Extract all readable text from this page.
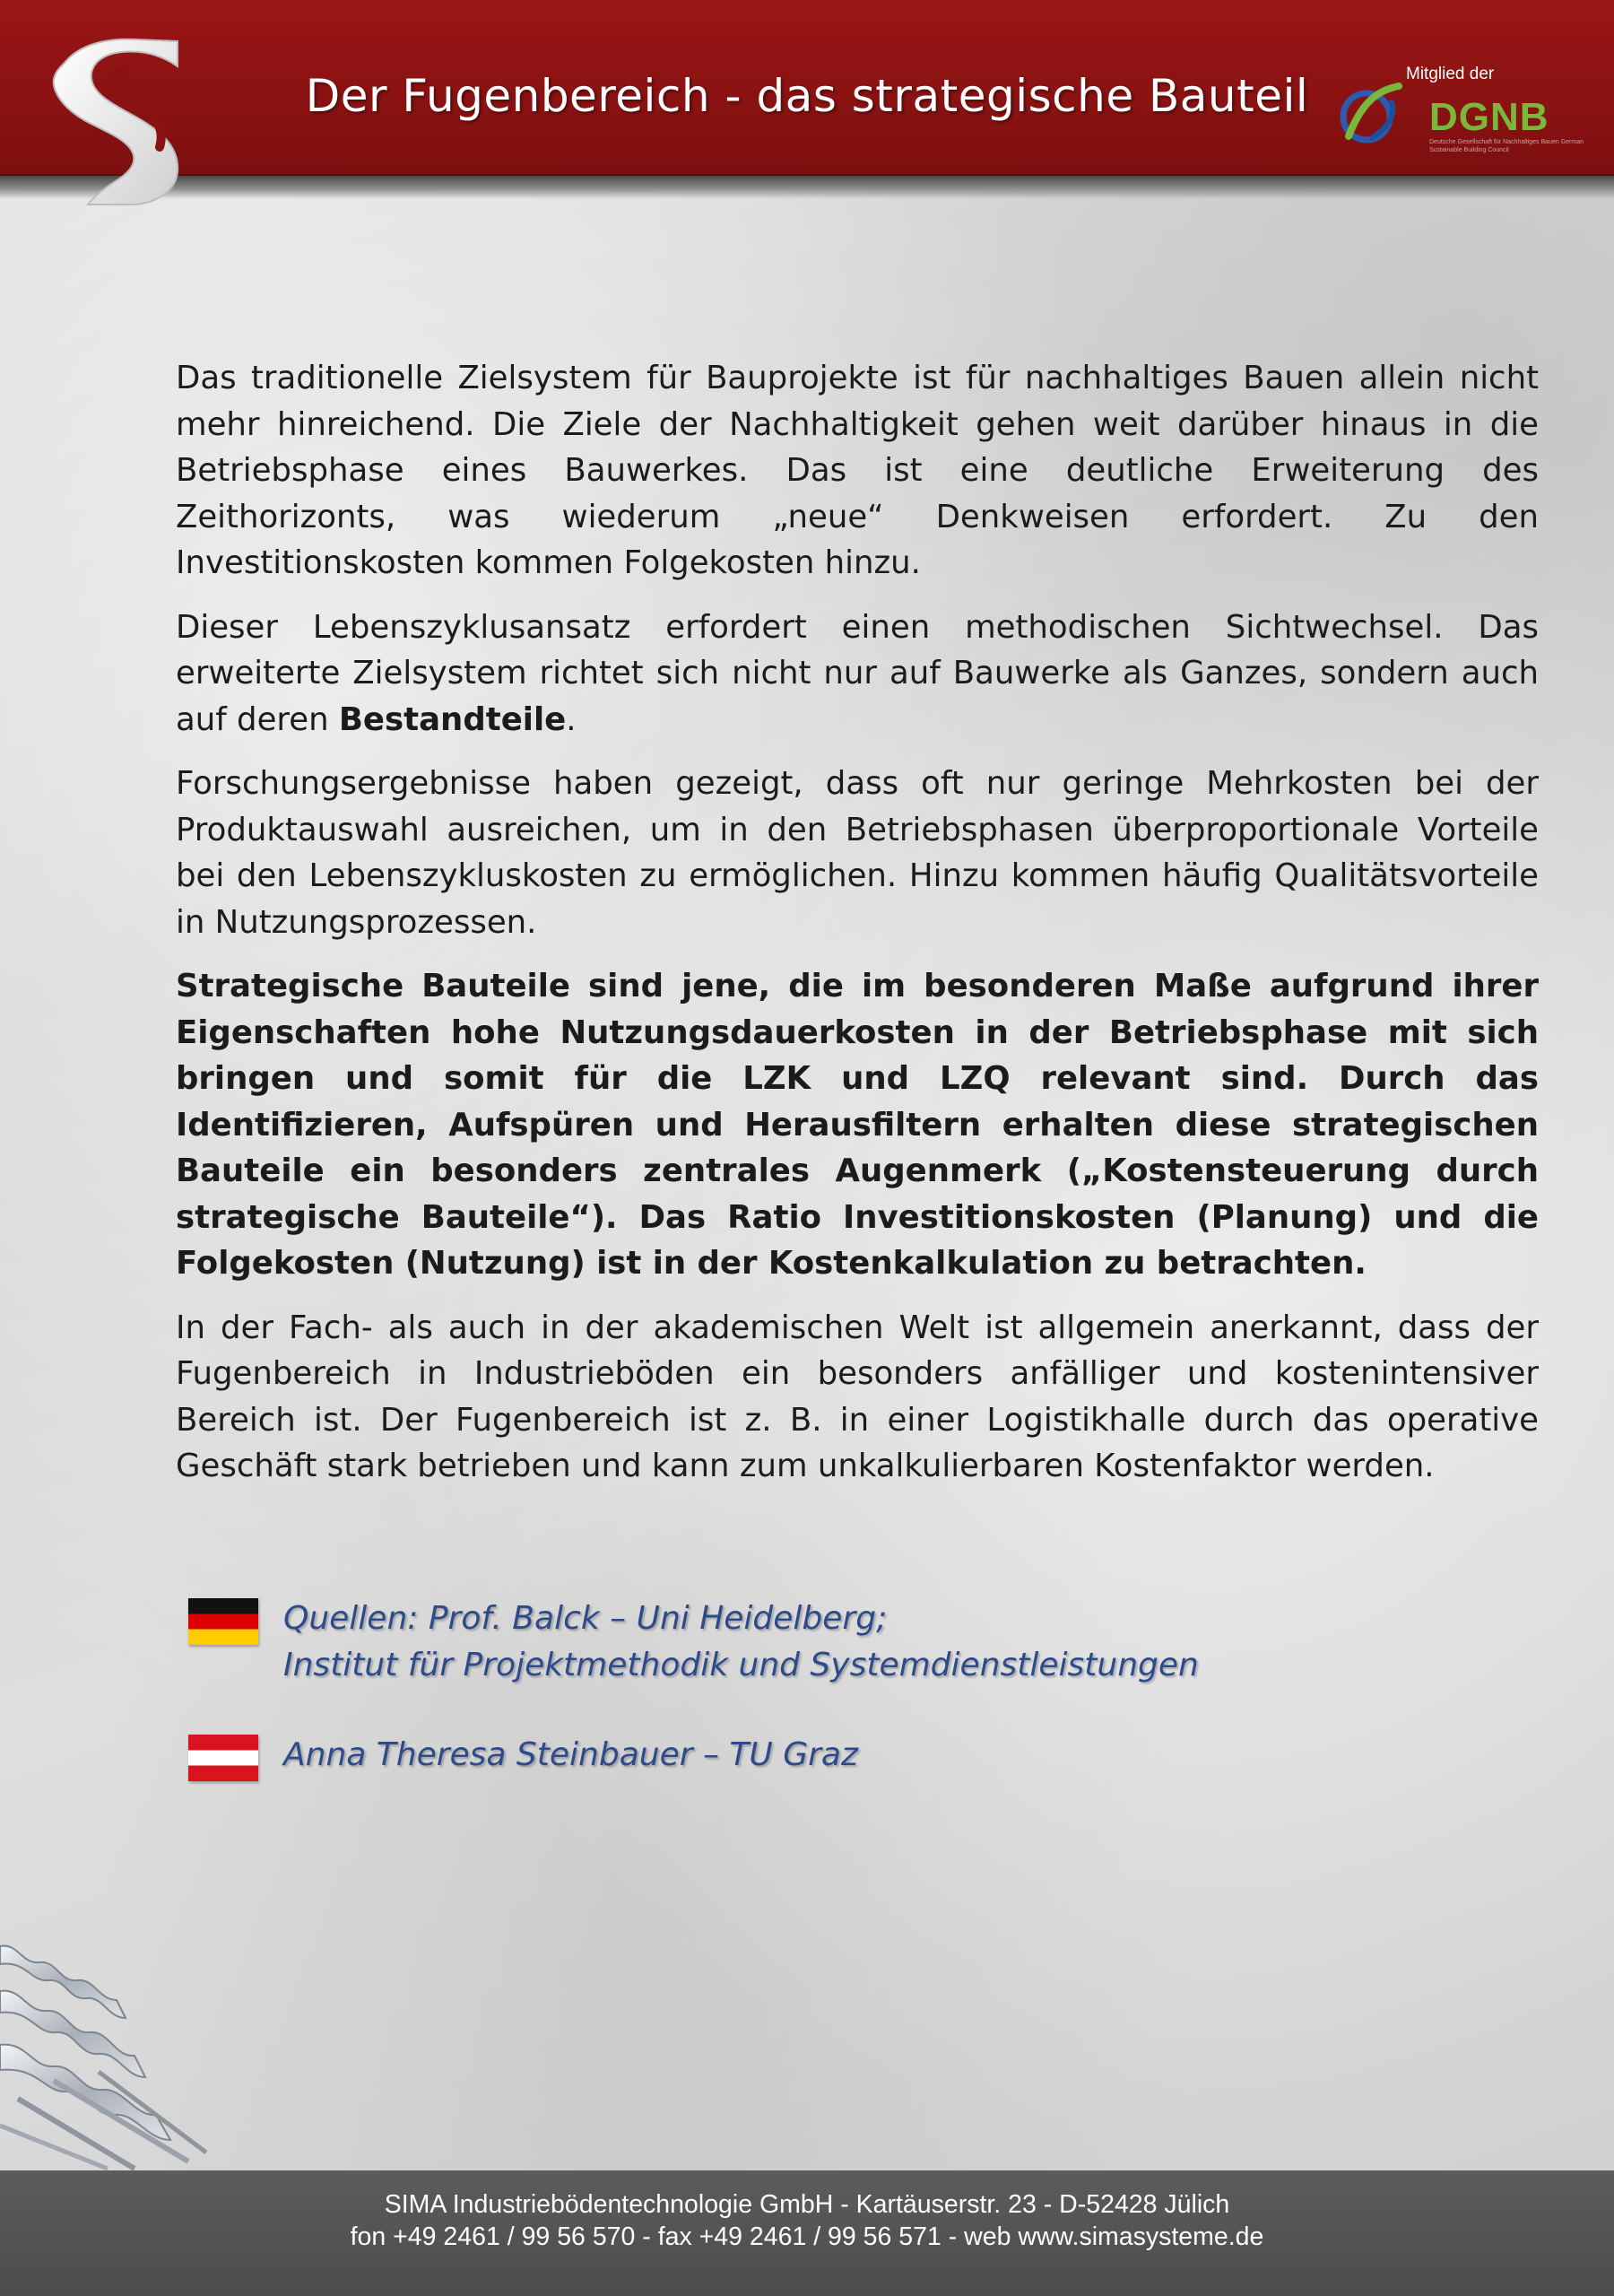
Der Fugenbereich - das strategische Bauteil	Mitglied der
DGNB
Deutsche Gesellschaft für Nachhaltiges Bauen German Sustainable Building Council

Das traditionelle Zielsystem für Bauprojekte ist für nachhaltiges Bauen allein nicht mehr hinreichend. Die Ziele der Nachhaltigkeit gehen weit darüber hinaus in die Betriebsphase eines Bauwerkes. Das ist eine deutliche Erweiterung des Zeithorizonts, was wiederum „neue“ Denkweisen erfordert. Zu den Investitionskosten kommen Folgekosten hinzu.

Dieser Lebenszyklusansatz erfordert einen methodischen Sichtwechsel. Das erweiterte Zielsystem richtet sich nicht nur auf Bauwerke als Ganzes, sondern auch auf deren Bestandteile.

Forschungsergebnisse haben gezeigt, dass oft nur geringe Mehrkosten bei der Produktauswahl ausreichen, um in den Betriebsphasen überproportionale Vorteile bei den Lebenszykluskosten zu ermöglichen. Hinzu kommen häufig Qualitätsvorteile in Nutzungsprozessen.

Strategische Bauteile sind jene, die im besonderen Maße aufgrund ihrer Eigenschaften hohe Nutzungsdauerkosten in der Betriebsphase mit sich bringen und somit für die LZK und LZQ relevant sind. Durch das Identifizieren, Aufspüren und Herausfiltern erhalten diese strategischen Bauteile ein besonders zentrales Augenmerk („Kostensteuerung durch strategische Bauteile“). Das Ratio Investitionskosten (Planung) und die Folgekosten (Nutzung) ist in der Kostenkalkulation zu betrachten.

In der Fach- als auch in der akademischen Welt ist allgemein anerkannt, dass der Fugenbereich in Industrieböden ein besonders anfälliger und kostenintensiver Bereich ist. Der Fugenbereich ist z. B. in einer Logistikhalle durch das operative Geschäft stark betrieben und kann zum unkalkulierbaren Kostenfaktor werden.

Quellen: Prof. Balck – Uni Heidelberg;
Institut für Projektmethodik und Systemdienstleistungen
Anna Theresa Steinbauer – TU Graz
SIMA Industriebödentechnologie GmbH - Kartäuserstr. 23 - D-52428 Jülich
fon +49 2461 / 99 56 570 - fax +49 2461 / 99 56 571 - web www.simasysteme.de
